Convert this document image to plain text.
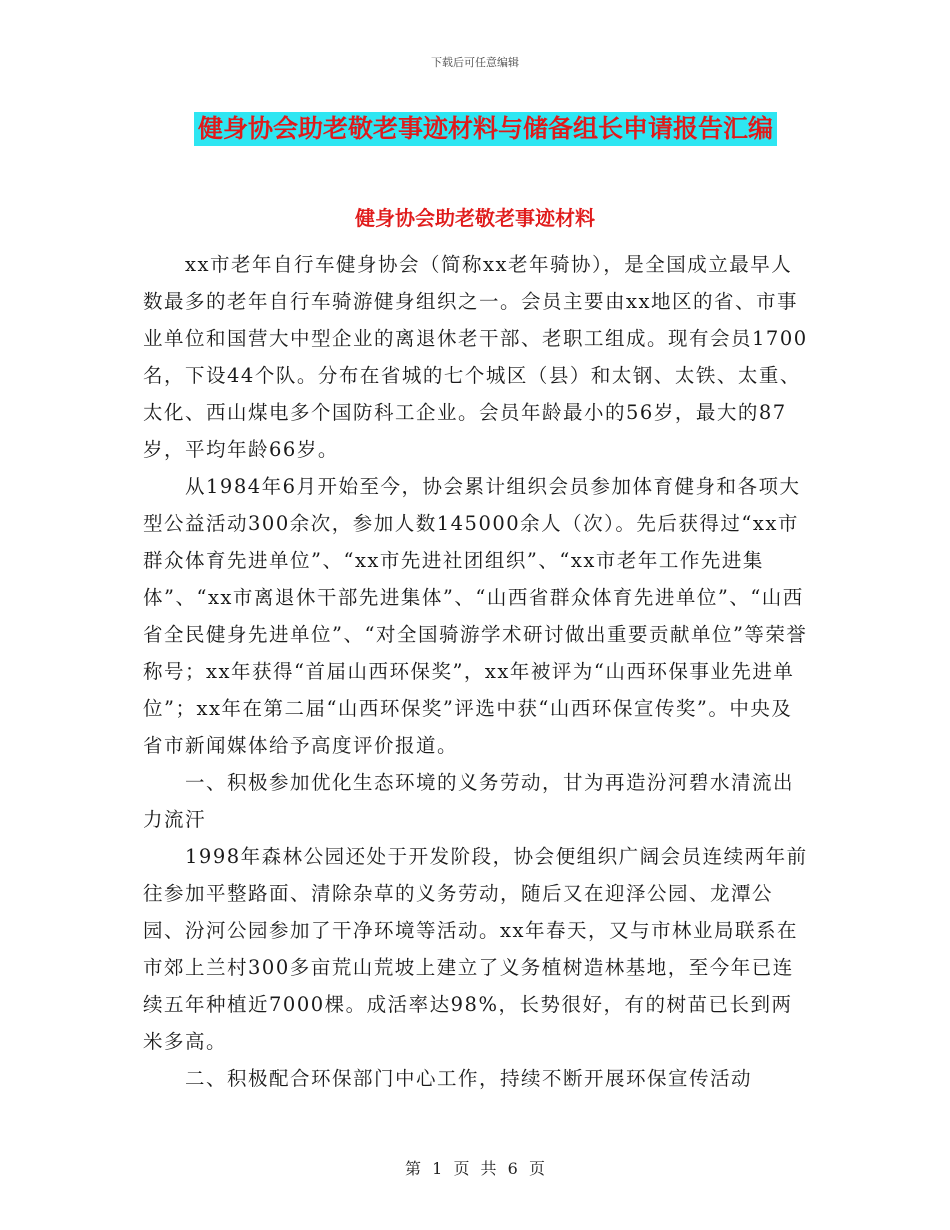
下载后可任意编辑
健身协会助老敬老事迹材料与储备组长申请报告汇编
健身协会助老敬老事迹材料

xx市老年自行车健身协会（简称xx老年骑协），是全国成立最早人数最多的老年自行车骑游健身组织之一。会员主要由xx地区的省、市事业单位和国营大中型企业的离退休老干部、老职工组成。现有会员1700名，下设44个队。分布在省城的七个城区（县）和太钢、太铁、太重、太化、西山煤电多个国防科工企业。会员年龄最小的56岁，最大的87岁，平均年龄66岁。

从1984年6月开始至今，协会累计组织会员参加体育健身和各项大型公益活动300余次，参加人数145000余人（次）。先后获得过“xx市群众体育先进单位”、“xx市先进社团组织”、“xx市老年工作先进集体”、“xx市离退休干部先进集体”、“山西省群众体育先进单位”、“山西省全民健身先进单位”、“对全国骑游学术研讨做出重要贡献单位”等荣誉称号；xx年获得“首届山西环保奖”，xx年被评为“山西环保事业先进单位”；xx年在第二届“山西环保奖”评选中获“山西环保宣传奖”。中央及省市新闻媒体给予高度评价报道。

一、积极参加优化生态环境的义务劳动，甘为再造汾河碧水清流出力流汗

1998年森林公园还处于开发阶段，协会便组织广阔会员连续两年前往参加平整路面、清除杂草的义务劳动，随后又在迎泽公园、龙潭公园、汾河公园参加了干净环境等活动。xx年春天，又与市林业局联系在市郊上兰村300多亩荒山荒坡上建立了义务植树造林基地，至今年已连续五年种植近7000棵。成活率达98%，长势很好，有的树苗已长到两米多高。

二、积极配合环保部门中心工作，持续不断开展环保宣传活动

第 1 页 共 6 页
